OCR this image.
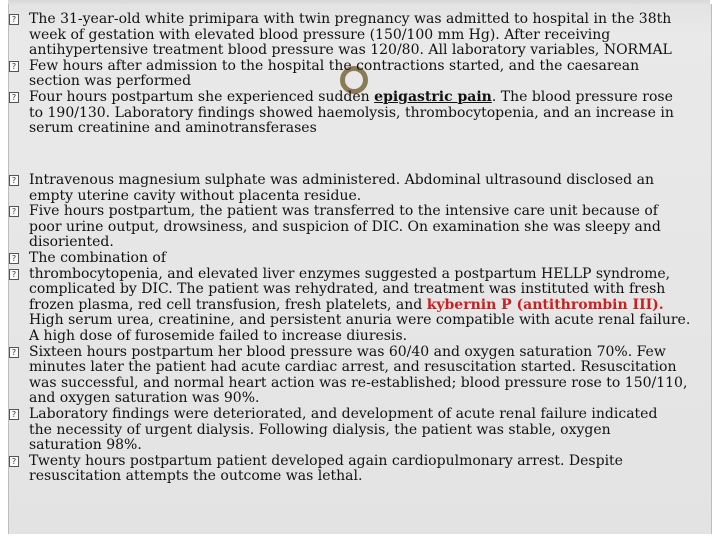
? The 31-year-old white primipara with twin pregnancy was admitted to hospital in the 38th
week of gestation with elevated blood pressure (150/100 mm Hg). After receiving
antihypertensive treatment blood pressure was 120/80. All laboratory variables, NORMAL
? Few hours after admission to the hospital the contractions started, and the caesarean
section was performed
? Four hours postpartum she experienced sudden epigastric pain. The blood pressure rose
to 190/130. Laboratory findings showed haemolysis, thrombocytopenia, and an increase in
serum creatinine and aminotransferases
? Intravenous magnesium sulphate was administered. Abdominal ultrasound disclosed an
empty uterine cavity without placenta residue.
? Five hours postpartum, the patient was transferred to the intensive care unit because of
poor urine output, drowsiness, and suspicion of DIC. On examination she was sleepy and
disoriented.
? The combination of
? thrombocytopenia, and elevated liver enzymes suggested a postpartum HELLP syndrome,
complicated by DIC. The patient was rehydrated, and treatment was instituted with fresh
frozen plasma, red cell transfusion, fresh platelets, and kybernin P (antithrombin III).
High serum urea, creatinine, and persistent anuria were compatible with acute renal failure.
A high dose of furosemide failed to increase diuresis.
? Sixteen hours postpartum her blood pressure was 60/40 and oxygen saturation 70%. Few
minutes later the patient had acute cardiac arrest, and resuscitation started. Resuscitation
was successful, and normal heart action was re-established; blood pressure rose to 150/110,
and oxygen saturation was 90%.
? Laboratory findings were deteriorated, and development of acute renal failure indicated
the necessity of urgent dialysis. Following dialysis, the patient was stable, oxygen
saturation 98%.
? Twenty hours postpartum patient developed again cardiopulmonary arrest. Despite
resuscitation attempts the outcome was lethal.
